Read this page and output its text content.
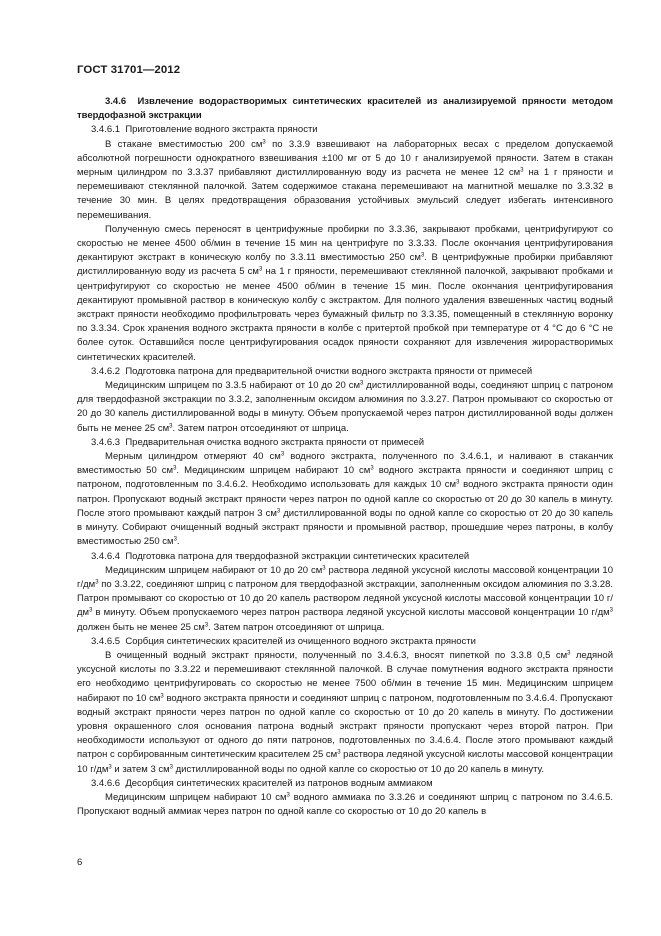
ГОСТ 31701—2012

3.4.6  Извлечение водорастворимых синтетических красителей из анализируемой пряности методом твердофазной экстракции

3.4.6.1  Приготовление водного экстракта пряности

В стакане вместимостью 200 $см^3$ по 3.3.9 взвешивают на лабораторных весах с пределом допускаемой абсолютной погрешности однократного взвешивания ±100 мг от 5 до 10 г анализируемой пряности. Затем в стакан мерным цилиндром по 3.3.37 прибавляют дистиллированную воду из расчета не менее 12 $см^3$ на 1 г пряности и перемешивают стеклянной палочкой. Затем содержимое стакана перемешивают на магнитной мешалке по 3.3.32 в течение 30 мин. В целях предотвращения образования устойчивых эмульсий следует избегать интенсивного перемешивания.

Полученную смесь переносят в центрифужные пробирки по 3.3.36, закрывают пробками, центрифугируют со скоростью не менее 4500 об/мин в течение 15 мин на центрифуге по 3.3.33. После окончания центрифугирования декантируют экстракт в коническую колбу по 3.3.11 вместимостью 250 $см^3$. В центрифужные пробирки прибавляют дистиллированную воду из расчета 5 $см^3$ на 1 г пряности, перемешивают стеклянной палочкой, закрывают пробками и центрифугируют со скоростью не менее 4500 об/мин в течение 15 мин. После окончания центрифугирования декантируют промывной раствор в коническую колбу с экстрактом. Для полного удаления взвешенных частиц водный экстракт пряности необходимо профильтровать через бумажный фильтр по 3.3.35, помещенный в стеклянную воронку по 3.3.34. Срок хранения водного экстракта пряности в колбе с притертой пробкой при температуре от 4 °С до 6 °С не более суток. Оставшийся после центрифугирования осадок пряности сохраняют для извлечения жирорастворимых синтетических красителей.

3.4.6.2  Подготовка патрона для предварительной очистки водного экстракта пряности от примесей

Медицинским шприцем по 3.3.5 набирают от 10 до 20 $см^3$ дистиллированной воды, соединяют шприц с патроном для твердофазной экстракции по 3.3.2, заполненным оксидом алюминия по 3.3.27. Патрон промывают со скоростью от 20 до 30 капель дистиллированной воды в минуту. Объем пропускаемой через патрон дистиллированной воды должен быть не менее 25 $см^3$. Затем патрон отсоединяют от шприца.

3.4.6.3  Предварительная очистка водного экстракта пряности от примесей

Мерным цилиндром отмеряют 40 $см^3$ водного экстракта, полученного по 3.4.6.1, и наливают в стаканчик вместимостью 50 $см^3$. Медицинским шприцем набирают 10 $см^3$ водного экстракта пряности и соединяют шприц с патроном, подготовленным по 3.4.6.2. Необходимо использовать для каждых 10 $см^3$ водного экстракта пряности один патрон. Пропускают водный экстракт пряности через патрон по одной капле со скоростью от 20 до 30 капель в минуту. После этого промывают каждый патрон 3 $см^3$ дистиллированной воды по одной капле со скоростью от 20 до 30 капель в минуту. Собирают очищенный водный экстракт пряности и промывной раствор, прошедшие через патроны, в колбу вместимостью 250 $см^3$.

3.4.6.4  Подготовка патрона для твердофазной экстракции синтетических красителей

Медицинским шприцем набирают от 10 до 20 $см^3$ раствора ледяной уксусной кислоты массовой концентрации 10 $г/дм^3$ по 3.3.22, соединяют шприц с патроном для твердофазной экстракции, заполненным оксидом алюминия по 3.3.28. Патрон промывают со скоростью от 10 до 20 капель раствором ледяной уксусной кислоты массовой концентрации 10 $г/дм^3$ в минуту. Объем пропускаемого через патрон раствора ледяной уксусной кислоты массовой концентрации 10 $г/дм^3$ должен быть не менее 25 $см^3$. Затем патрон отсоединяют от шприца.

3.4.6.5  Сорбция синтетических красителей из очищенного водного экстракта пряности

В очищенный водный экстракт пряности, полученный по 3.4.6.3, вносят пипеткой по 3.3.8 0,5 $см^3$ ледяной уксусной кислоты по 3.3.22 и перемешивают стеклянной палочкой. В случае помутнения водного экстракта пряности его необходимо центрифугировать со скоростью не менее 7500 об/мин в течение 15 мин. Медицинским шприцем набирают по 10 $см^3$ водного экстракта пряности и соединяют шприц с патроном, подготовленным по 3.4.6.4. Пропускают водный экстракт пряности через патрон по одной капле со скоростью от 10 до 20 капель в минуту. По достижении уровня окрашенного слоя основания патрона водный экстракт пряности пропускают через второй патрон. При необходимости используют от одного до пяти патронов, подготовленных по 3.4.6.4. После этого промывают каждый патрон с сорбированным синтетическим красителем 25 $см^3$ раствора ледяной уксусной кислоты массовой концентрации 10 $г/дм^3$ и затем 3 $см^3$ дистиллированной воды по одной капле со скоростью от 10 до 20 капель в минуту.

3.4.6.6  Десорбция синтетических красителей из патронов водным аммиаком

Медицинским шприцем набирают 10 $см^3$ водного аммиака по 3.3.26 и соединяют шприц с патроном по 3.4.6.5. Пропускают водный аммиак через патрон по одной капле со скоростью от 10 до 20 капель в

6
